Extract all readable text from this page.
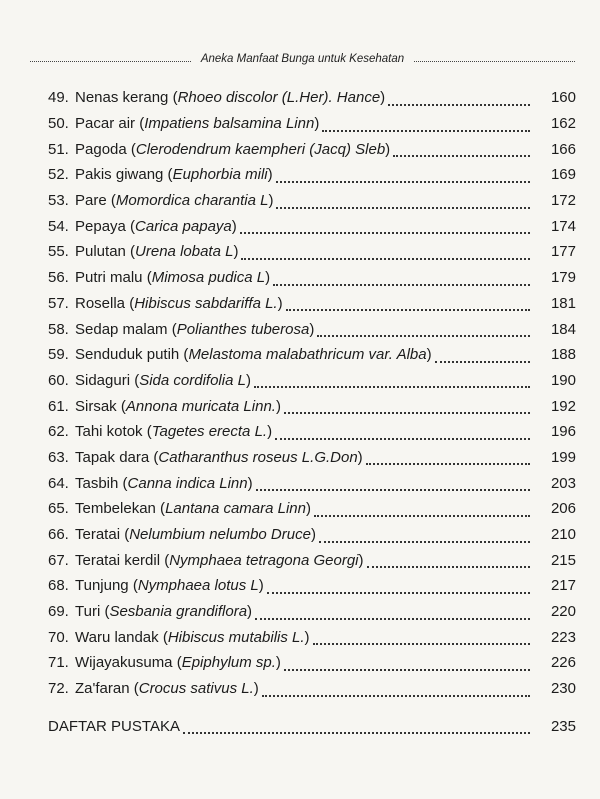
Aneka Manfaat Bunga untuk Kesehatan
49. Nenas kerang (Rhoeo discolor (L.Her). Hance)	160
50. Pacar air (Impatiens balsamina Linn)	162
51. Pagoda (Clerodendrum kaempheri (Jacq) Sleb)	166
52. Pakis giwang (Euphorbia mili)	169
53. Pare (Momordica charantia L)	172
54. Pepaya (Carica papaya)	174
55. Pulutan (Urena lobata L)	177
56. Putri malu (Mimosa pudica L)	179
57. Rosella (Hibiscus sabdariffa L.)	181
58. Sedap malam (Polianthes tuberosa)	184
59. Senduduk putih (Melastoma malabathricum var. Alba)	188
60. Sidaguri (Sida cordifolia L)	190
61. Sirsak (Annona muricata Linn.)	192
62. Tahi kotok (Tagetes erecta L.)	196
63. Tapak dara (Catharanthus roseus L.G.Don)	199
64. Tasbih (Canna indica Linn)	203
65. Tembelekan (Lantana camara Linn)	206
66. Teratai (Nelumbium nelumbo Druce)	210
67. Teratai kerdil (Nymphaea tetragona Georgi)	215
68. Tunjung (Nymphaea lotus L)	217
69. Turi (Sesbania grandiflora)	220
70. Waru landak (Hibiscus mutabilis L.)	223
71. Wijayakusuma (Epiphylum sp.)	226
72. Za'faran (Crocus sativus L.)	230
DAFTAR PUSTAKA	235
